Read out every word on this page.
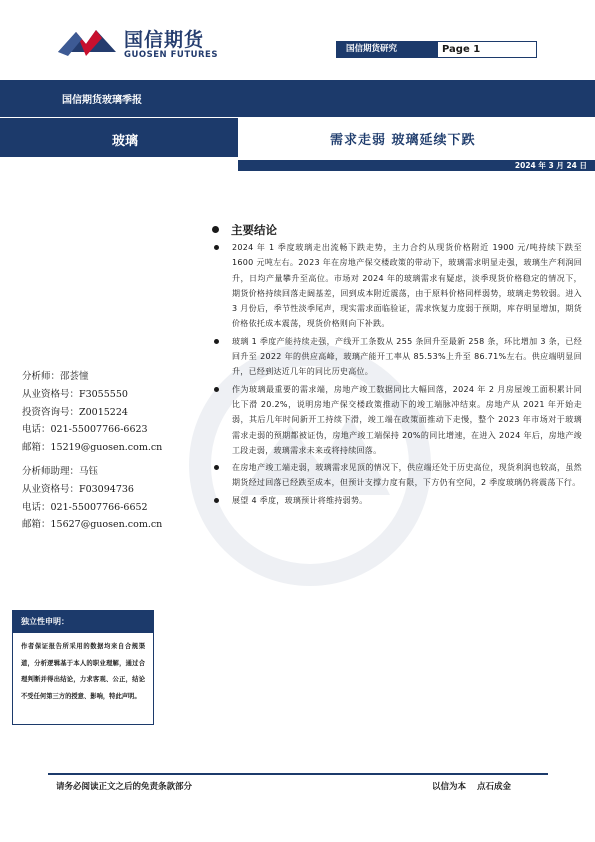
国信期货
GUOSEN FUTURES
国信期货研究	Page 1
国信期货玻璃季报
玻璃	需求走弱 玻璃延续下跌
2024 年 3 月 24 日
主要结论

2024 年 1 季度玻璃走出流畅下跌走势，主力合约从现货价格附近 1900 元/吨持续下跌至 1600 元吨左右。2023 年在房地产保交楼政策的带动下，玻璃需求明显走强，玻璃生产利润回升，日均产量攀升至高位。市场对 2024 年的玻璃需求有疑虑，淡季现货价格稳定的情况下，期货价格持续回落走阔基差，回到成本附近震荡，由于原料价格同样弱势，玻璃走势较弱。进入 3 月份后，季节性淡季尾声，现实需求面临验证，需求恢复力度弱于预期，库存明显增加，期货价格依托成本震荡，现货价格则向下补跌。

玻璃 1 季度产能持续走强，产线开工条数从 255 条回升至最新 258 条，环比增加 3 条，已经回升至 2022 年的供应高峰，玻璃产能开工率从 85.53%上升至 86.71%左右。供应端明显回升，已经到达近几年的同比历史高位。

作为玻璃最重要的需求端，房地产竣工数据同比大幅回落，2024 年 2 月房屋竣工面积累计同比下滑 20.2%，说明房地产保交楼政策推动下的竣工端脉冲结束。房地产从 2021 年开始走弱，其后几年时间新开工持续下滑，竣工端在政策面推动下走慢，整个 2023 年市场对于玻璃需求走弱的预期都被证伪，房地产竣工端保持 20%的同比增速，在进入 2024 年后，房地产竣工段走弱，玻璃需求未来或将持续回落。

在房地产竣工端走弱，玻璃需求见顶的情况下，供应端还处于历史高位，现货利润也较高，虽然期货经过回落已经跌至成本，但预计支撑力度有限，下方仍有空间，2 季度玻璃仍将震荡下行。

展望 4 季度，玻璃预计将维持弱势。

分析师：邵荟憧
从业资格号：F3055550
投资咨询号：Z0015224
电话：021-55007766-6623
邮箱：15219@guosen.com.cn
分析师助理：马钰
从业资格号：F03094736
电话：021-55007766-6652
邮箱：15627@guosen.com.cn
独立性申明：
作者保证报告所采用的数据均来自合规渠道，分析逻辑基于本人的职业理解，通过合理判断并得出结论，力求客观、公正，结论不受任何第三方的授意、影响，特此声明。
请务必阅读正文之后的免责条款部分	以信为本 点石成金
